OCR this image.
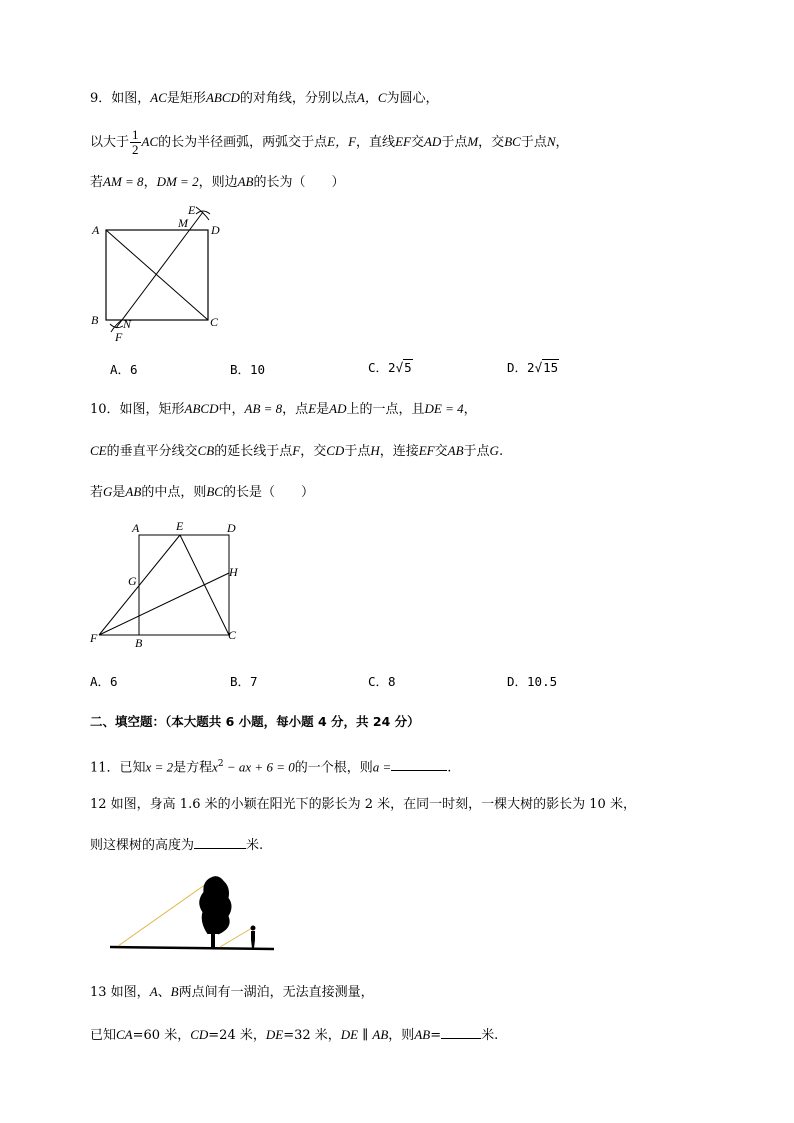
9．如图，AC是矩形ABCD的对角线，分别以点A，C为圆心，
以大于 $\frac{1}{2}$ AC的长为半径画弧，两弧交于点E，F，直线EF交AD于点M，交BC于点N，
若AM = 8，DM = 2，则边AB的长为（　　）
A	D
B	C
E
M
N
F
A．6	B．10	C．2√5	D．2√15
10．如图，矩形ABCD中，AB = 8，点E是AD上的一点，且DE = 4，
CE的垂直平分线交CB的延长线于点F，交CD于点H，连接EF交AB于点G.
若G是AB的中点，则BC的长是（　　）
A	E	D
G
H
F	B
C
A．6	B．7	C．8	D．10.5
二、填空题：（本大题共 6 小题，每小题 4 分，共 24 分）
11．已知x = 2是方程$x^2$ − ax + 6 = 0的一个根，则a =	.
12 如图，身高 1.6 米的小颖在阳光下的影长为 2 米，在同一时刻，一棵大树的影长为 10 米，
则这棵树的高度为	米.
13 如图，A、B两点间有一湖泊，无法直接测量，
已知CA=60 米，CD=24 米，DE=32 米，DE ∥ AB，则AB=	米.
